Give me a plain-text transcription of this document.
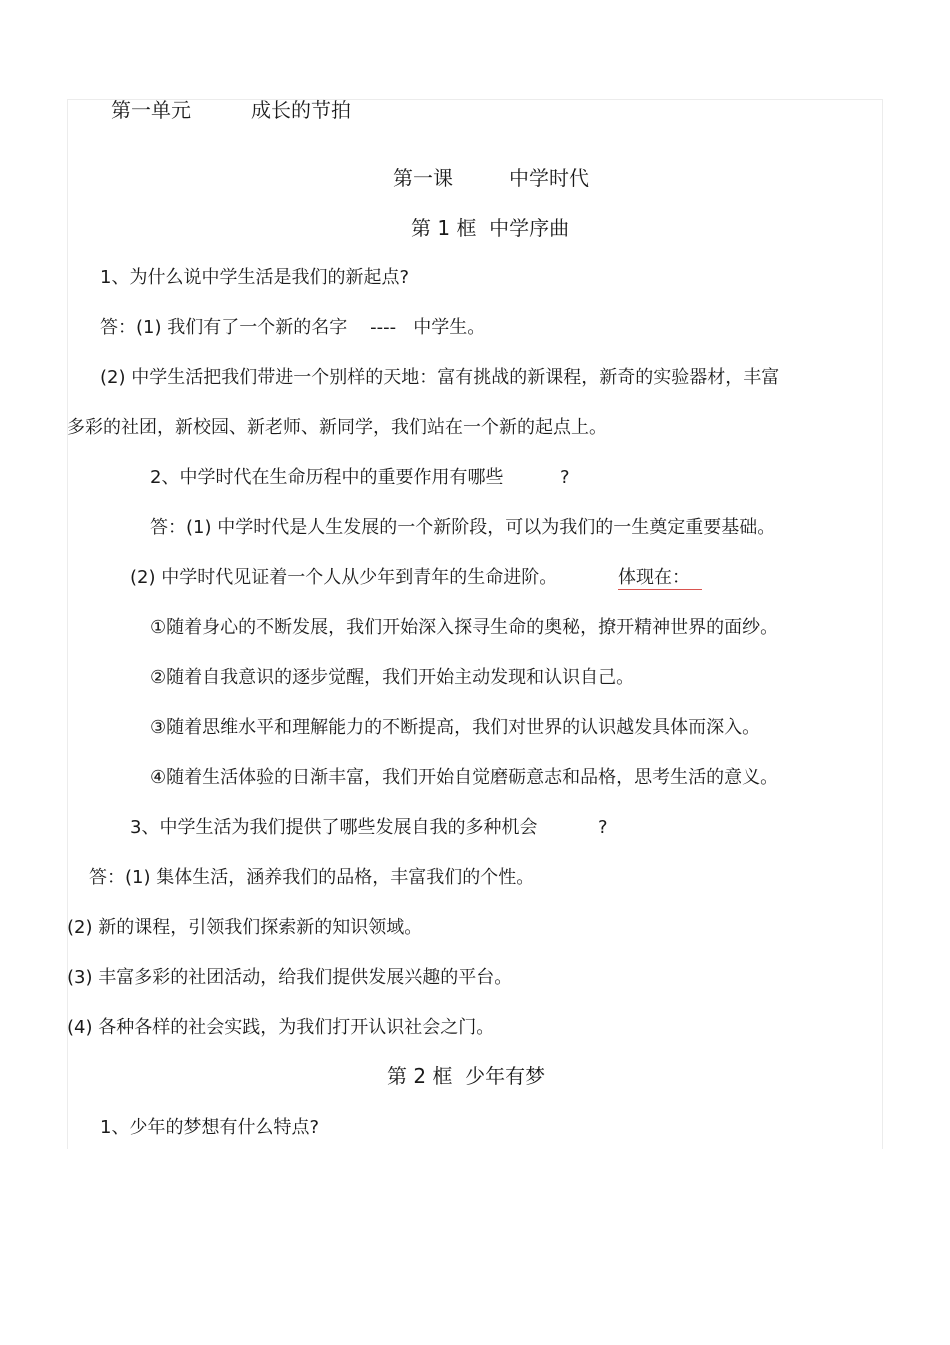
第一单元	成长的节拍
第一课	中学时代
第 1 框  中学序曲
1、为什么说中学生活是我们的新起点?
答：(1) 我们有了一个新的名字    ----   中学生。
(2) 中学生活把我们带进一个别样的天地：富有挑战的新课程，新奇的实验器材，丰富
多彩的社团，新校园、新老师、新同学，我们站在一个新的起点上。
2、中学时代在生命历程中的重要作用有哪些	?
答：(1) 中学时代是人生发展的一个新阶段，可以为我们的一生奠定重要基础。
(2) 中学时代见证着一个人从少年到青年的生命进阶。	体现在：
①随着身心的不断发展，我们开始深入探寻生命的奥秘，撩开精神世界的面纱。
②随着自我意识的逐步觉醒，我们开始主动发现和认识自己。
③随着思维水平和理解能力的不断提高，我们对世界的认识越发具体而深入。
④随着生活体验的日渐丰富，我们开始自觉磨砺意志和品格，思考生活的意义。
3、中学生活为我们提供了哪些发展自我的多种机会	?
答：(1) 集体生活，涵养我们的品格，丰富我们的个性。
(2) 新的课程，引领我们探索新的知识领域。
(3) 丰富多彩的社团活动，给我们提供发展兴趣的平台。
(4) 各种各样的社会实践，为我们打开认识社会之门。
第 2 框  少年有梦
1、少年的梦想有什么特点?
